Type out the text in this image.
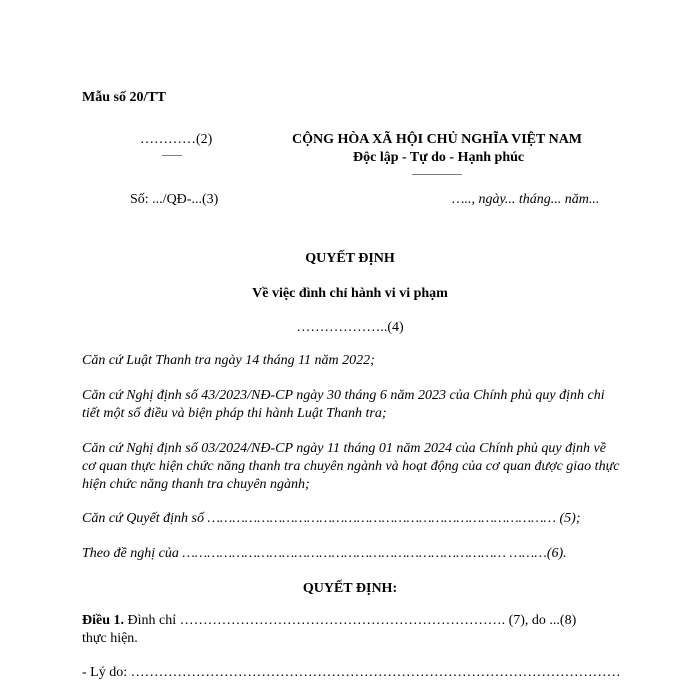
Mẫu số 20/TT
…………(2)
——
CỘNG HÒA XÃ HỘI CHỦ NGHĨA VIỆT NAM
Độc lập - Tự do - Hạnh phúc
—————
Số: .../QĐ-...(3)	….., ngày... tháng... năm...
QUYẾT ĐỊNH
Về việc đình chỉ hành vi vi phạm
………………..(4)
Căn cứ Luật Thanh tra ngày 14 tháng 11 năm 2022;
Căn cứ Nghị định số 43/2023/NĐ-CP ngày 30 tháng 6 năm 2023 của Chính phủ quy định chi tiết một số điều và biện pháp thi hành Luật Thanh tra;
Căn cứ Nghị định số 03/2024/NĐ-CP ngày 11 tháng 01 năm 2024 của Chính phủ quy định về cơ quan thực hiện chức năng thanh tra chuyên ngành và hoạt động của cơ quan được giao thực hiện chức năng thanh tra chuyên ngành;
Căn cứ Quyết định số ………………………………………………………………………… (5);
Theo đề nghị của …………………………………………………………………… ………(6).
QUYẾT ĐỊNH:
Điều 1. Đình chỉ ……………………………………………………………. (7), do ...(8)
thực hiện.
- Lý do: ……………………………………………………………………………………………
